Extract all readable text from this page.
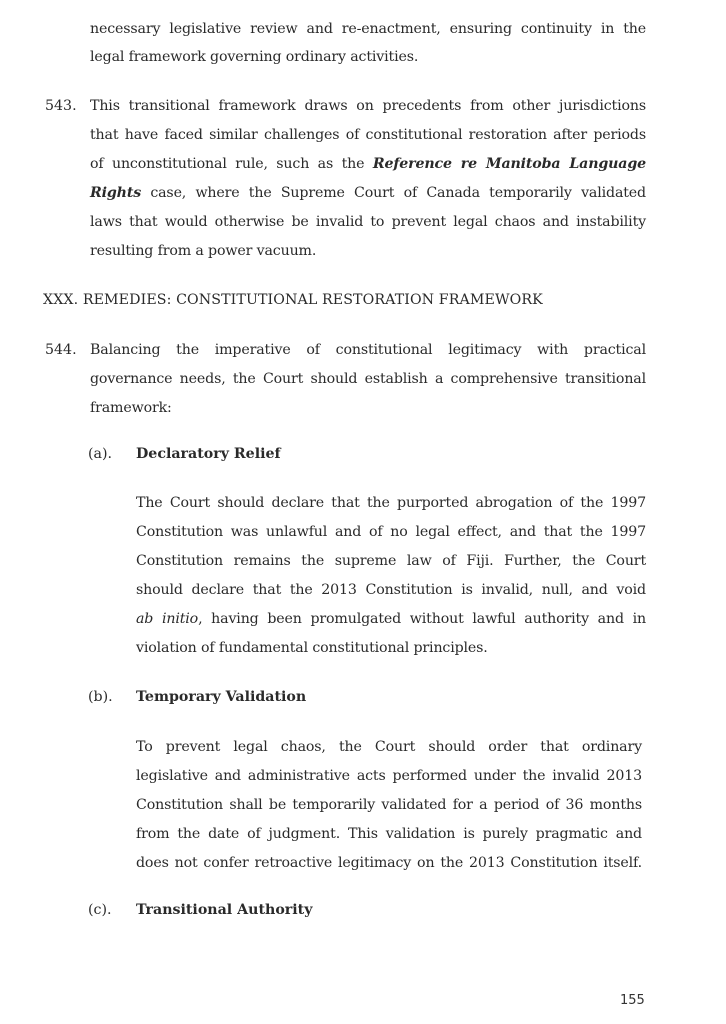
necessary legislative review and re-enactment, ensuring continuity in the
legal framework governing ordinary activities.
543. This transitional framework draws on precedents from other jurisdictions
that have faced similar challenges of constitutional restoration after periods
of unconstitutional rule, such as the Reference re Manitoba Language
Rights case, where the Supreme Court of Canada temporarily validated
laws that would otherwise be invalid to prevent legal chaos and instability
resulting from a power vacuum.
XXX. REMEDIES: CONSTITUTIONAL RESTORATION FRAMEWORK
544. Balancing the imperative of constitutional legitimacy with practical
governance needs, the Court should establish a comprehensive transitional
framework:
(a). Declaratory Relief
The Court should declare that the purported abrogation of the 1997
Constitution was unlawful and of no legal effect, and that the 1997
Constitution remains the supreme law of Fiji. Further, the Court
should declare that the 2013 Constitution is invalid, null, and void
ab initio, having been promulgated without lawful authority and in
violation of fundamental constitutional principles.
(b). Temporary Validation
To prevent legal chaos, the Court should order that ordinary
legislative and administrative acts performed under the invalid 2013
Constitution shall be temporarily validated for a period of 36 months
from the date of judgment. This validation is purely pragmatic and
does not confer retroactive legitimacy on the 2013 Constitution itself.
(c). Transitional Authority
155
